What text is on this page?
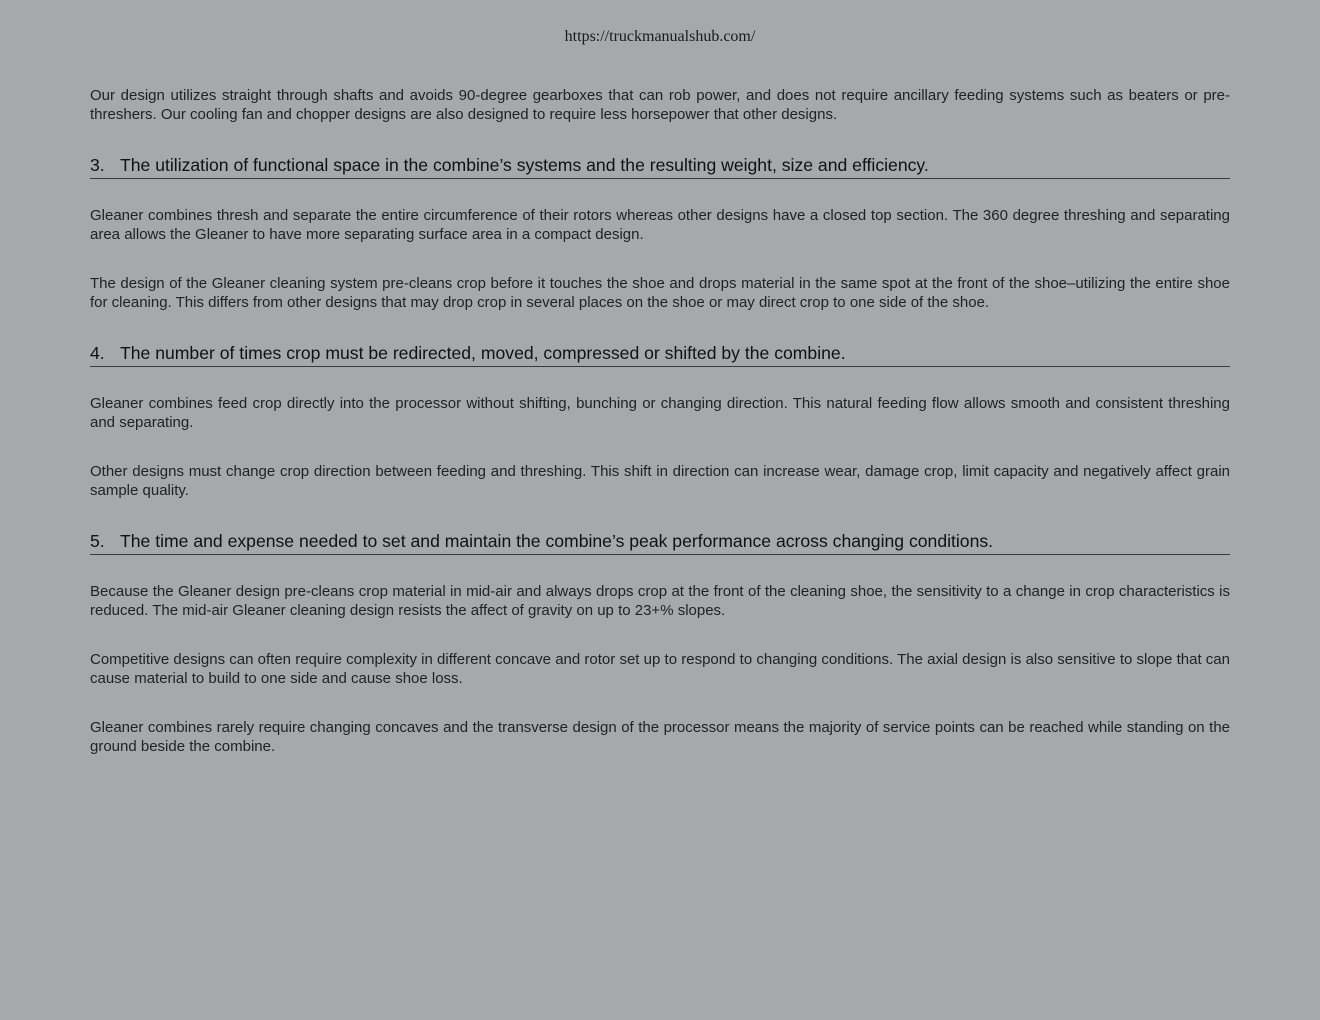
https://truckmanualshub.com/

Our design utilizes straight through shafts and avoids 90-degree gearboxes that can rob power, and does not require ancillary feeding systems such as beaters or pre-threshers. Our cooling fan and chopper designs are also designed to require less horsepower that other designs.

3. The utilization of functional space in the combine’s systems and the resulting weight, size and efficiency.

Gleaner combines thresh and separate the entire circumference of their rotors whereas other designs have a closed top section. The 360 degree threshing and separating area allows the Gleaner to have more separating surface area in a compact design.

The design of the Gleaner cleaning system pre-cleans crop before it touches the shoe and drops material in the same spot at the front of the shoe–utilizing the entire shoe for cleaning. This differs from other designs that may drop crop in several places on the shoe or may direct crop to one side of the shoe.

4. The number of times crop must be redirected, moved, compressed or shifted by the combine.

Gleaner combines feed crop directly into the processor without shifting, bunching or changing direction. This natural feeding flow allows smooth and consistent threshing and separating.

Other designs must change crop direction between feeding and threshing. This shift in direction can increase wear, damage crop, limit capacity and negatively affect grain sample quality.

5. The time and expense needed to set and maintain the combine’s peak performance across changing conditions.

Because the Gleaner design pre-cleans crop material in mid-air and always drops crop at the front of the cleaning shoe, the sensitivity to a change in crop characteristics is reduced. The mid-air Gleaner cleaning design resists the affect of gravity on up to 23+% slopes.

Competitive designs can often require complexity in different concave and rotor set up to respond to changing conditions. The axial design is also sensitive to slope that can cause material to build to one side and cause shoe loss.

Gleaner combines rarely require changing concaves and the transverse design of the processor means the majority of service points can be reached while standing on the ground beside the combine.
